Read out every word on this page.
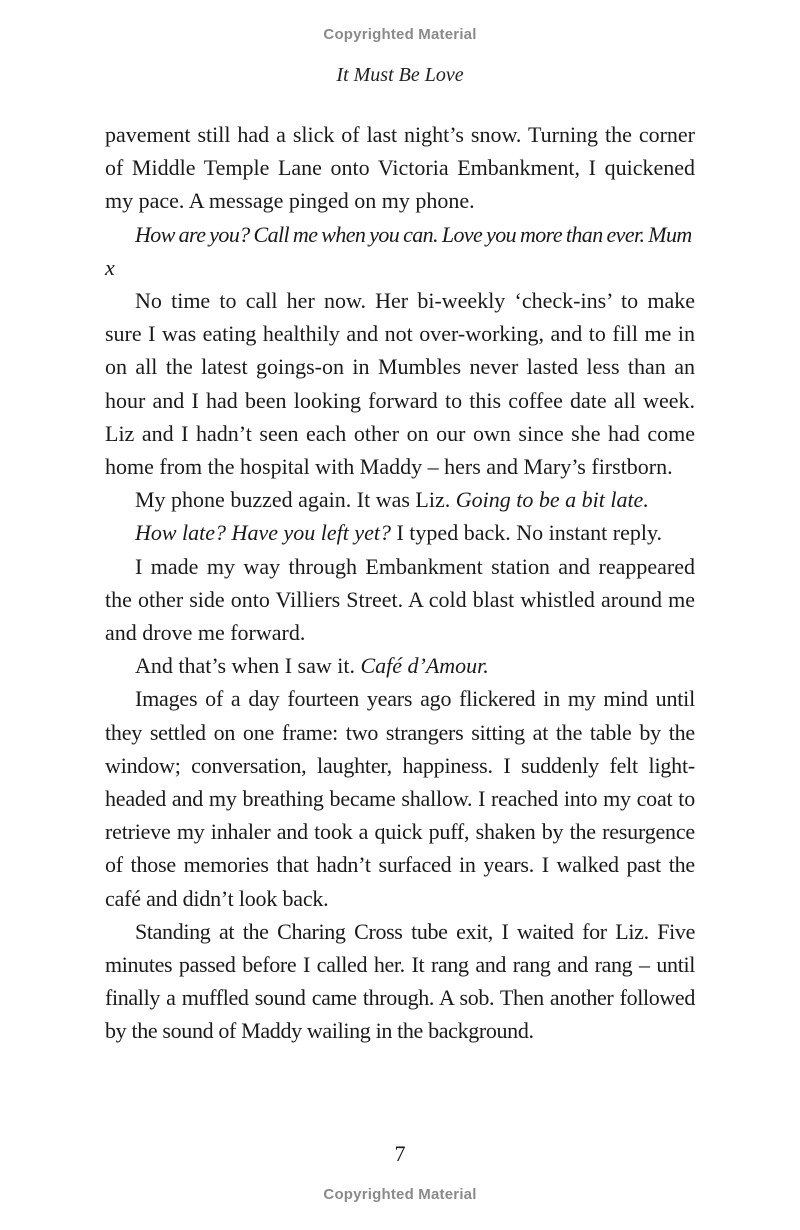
Copyrighted Material
It Must Be Love

pavement still had a slick of last night’s snow. Turning the corner of Middle Temple Lane onto Victoria Embankment, I quickened my pace. A message pinged on my phone.

How are you? Call me when you can. Love you more than ever. Mum x

No time to call her now. Her bi-weekly ‘check-ins’ to make sure I was eating healthily and not over-working, and to fill me in on all the latest goings-on in Mumbles never lasted less than an hour and I had been looking forward to this coffee date all week. Liz and I hadn’t seen each other on our own since she had come home from the hospital with Maddy – hers and Mary’s firstborn.

My phone buzzed again. It was Liz. Going to be a bit late.

How late? Have you left yet? I typed back. No instant reply.

I made my way through Embankment station and reappeared the other side onto Villiers Street. A cold blast whistled around me and drove me forward.

And that’s when I saw it. Café d’Amour.

Images of a day fourteen years ago flickered in my mind until they settled on one frame: two strangers sitting at the table by the window; conversation, laughter, happiness. I suddenly felt light-headed and my breathing became shallow. I reached into my coat to retrieve my inhaler and took a quick puff, shaken by the resurgence of those memories that hadn’t surfaced in years. I walked past the café and didn’t look back.

Standing at the Charing Cross tube exit, I waited for Liz. Five minutes passed before I called her. It rang and rang and rang – until finally a muffled sound came through. A sob. Then another followed by the sound of Maddy wailing in the background.

7
Copyrighted Material
